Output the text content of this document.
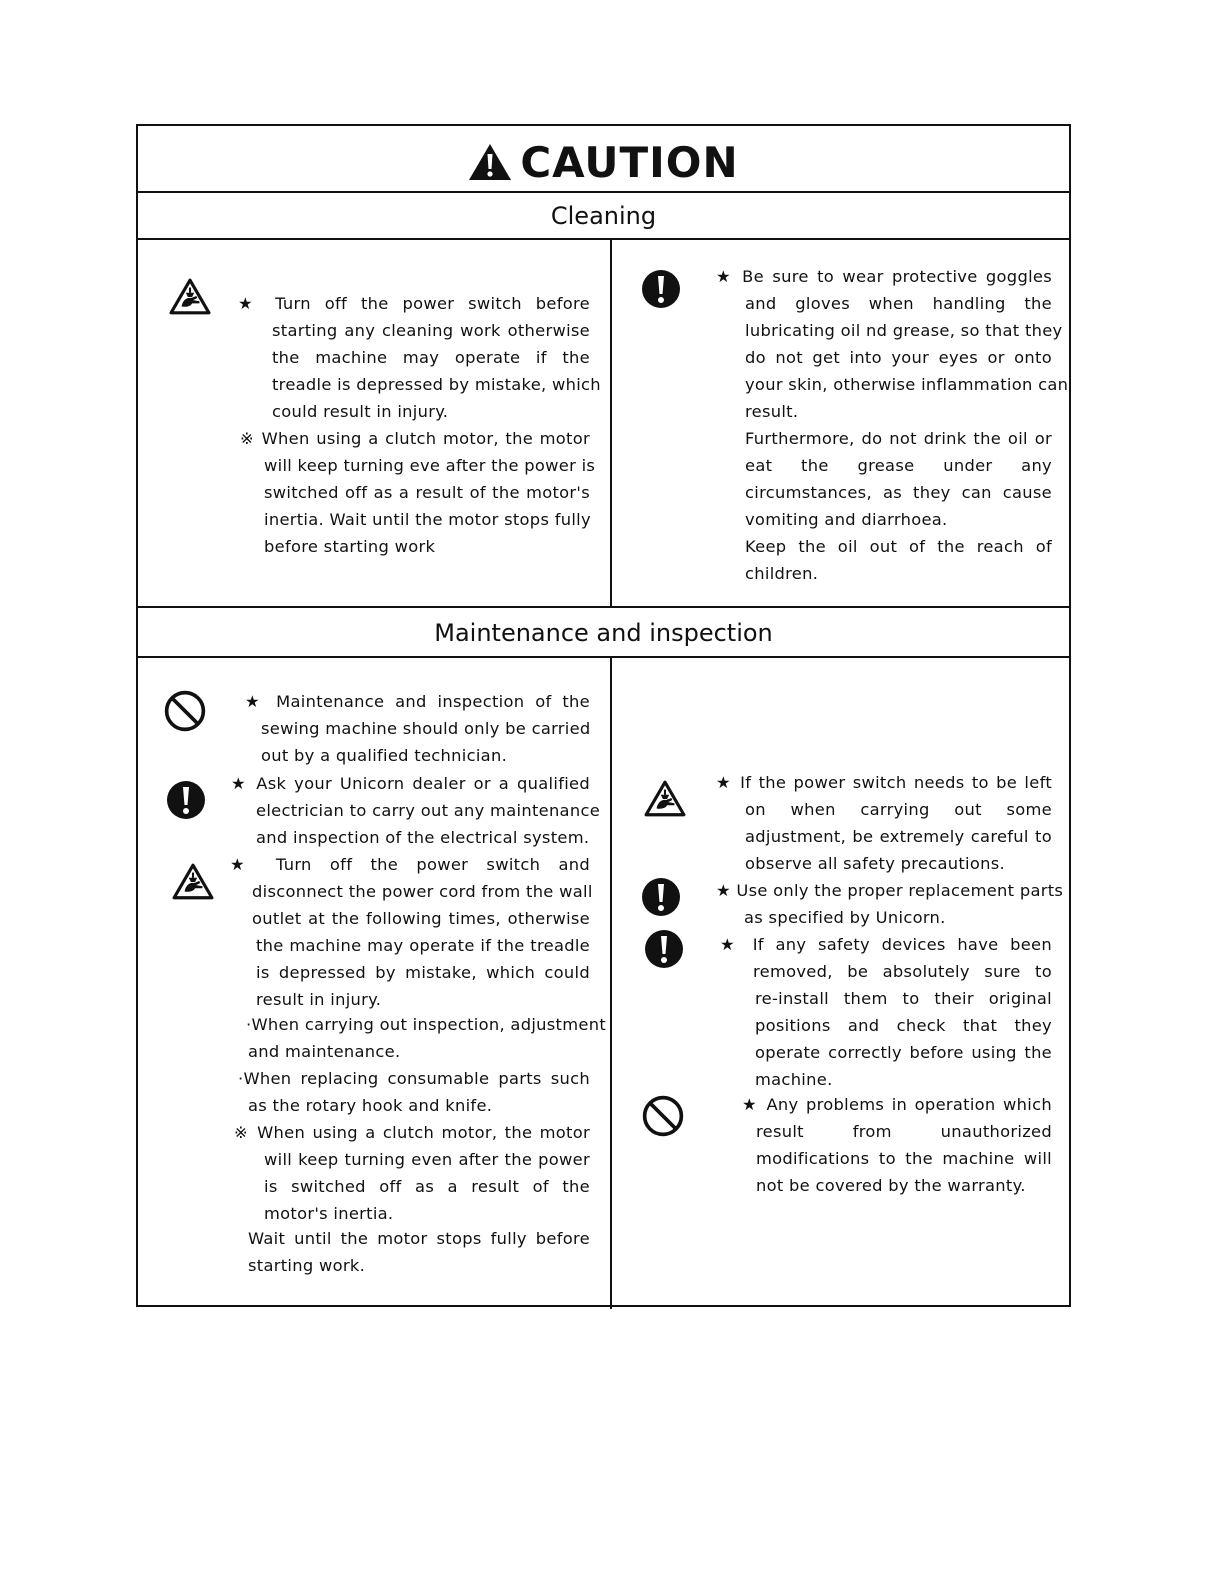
CAUTION
Cleaning
★ Turn off the power switch before
starting any cleaning work otherwise
the machine may operate if the
treadle is depressed by mistake, which
could result in injury.
※ When using a clutch motor, the motor
will keep turning eve after the power is
switched off as a result of the motor's
inertia. Wait until the motor stops fully
before starting work
★ Be sure to wear protective goggles
and gloves when handling the
lubricating oil nd grease, so that they
do not get into your eyes or onto
your skin, otherwise inflammation can
result.
Furthermore, do not drink the oil or
eat the grease under any
circumstances, as they can cause
vomiting and diarrhoea.
Keep the oil out of the reach of
children.
Maintenance and inspection
★ Maintenance and inspection of the
sewing machine should only be carried
out by a qualified technician.
★ Ask your Unicorn dealer or a qualified
electrician to carry out any maintenance
and inspection of the electrical system.
★ Turn off the power switch and
disconnect the power cord from the wall
outlet at the following times, otherwise
the machine may operate if the treadle
is depressed by mistake, which could
result in injury.
·When carrying out inspection, adjustment
and maintenance.
·When replacing consumable parts such
as the rotary hook and knife.
※ When using a clutch motor, the motor
will keep turning even after the power
is switched off as a result of the
motor's inertia.
Wait until the motor stops fully before
starting work.
★ If the power switch needs to be left
on when carrying out some
adjustment, be extremely careful to
observe all safety precautions.
★ Use only the proper replacement parts
as specified by Unicorn.
★ If any safety devices have been
removed, be absolutely sure to
re-install them to their original
positions and check that they
operate correctly before using the
machine.
★ Any problems in operation which
result from unauthorized
modifications to the machine will
not be covered by the warranty.
